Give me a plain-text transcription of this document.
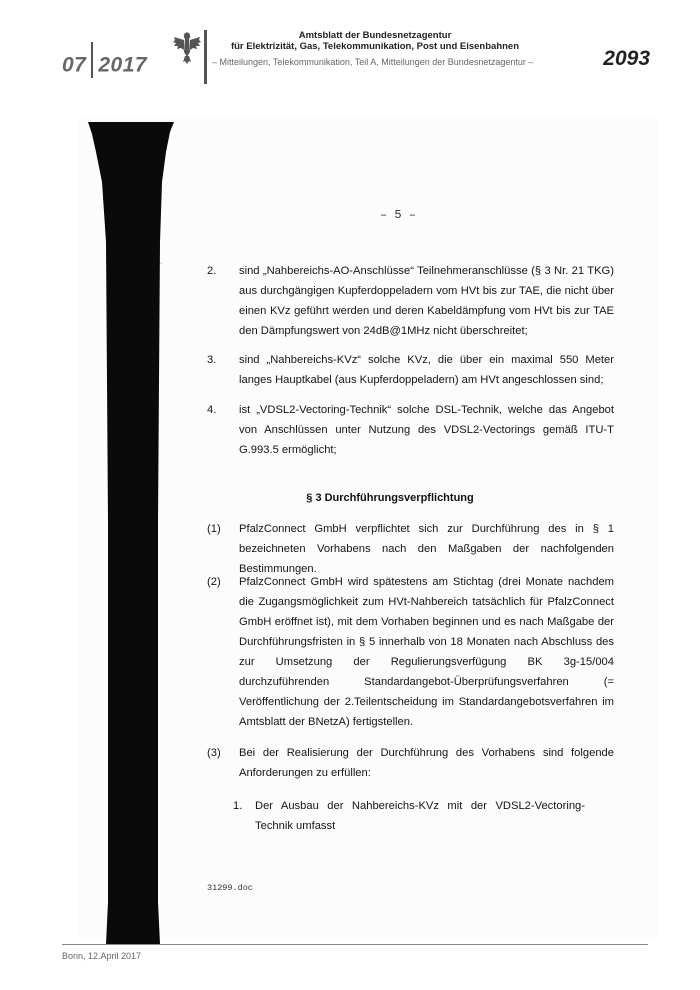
07 2017
Amtsblatt der Bundesnetzagentur
für Elektrizität, Gas, Telekommunikation, Post und Eisenbahnen
– Mitteilungen, Telekommunikation, Teil A, Mitteilungen der Bundesnetzagentur –	2093
– 5 –
˙	2. sind „Nahbereichs-AO-Anschlüsse“ Teilnehmeranschlüsse (§ 3 Nr. 21 TKG) aus durchgängigen Kupferdoppeladern vom HVt bis zur TAE, die nicht über einen KVz geführt werden und deren Kabeldämpfung vom HVt bis zur TAE den Dämpfungswert von 24dB@1MHz nicht überschreitet;
3. sind „Nahbereichs-KVz“ solche KVz, die über ein maximal 550 Meter langes Hauptkabel (aus Kupferdoppeladern) am HVt angeschlossen sind;
4. ist „VDSL2-Vectoring-Technik“ solche DSL-Technik, welche das Angebot von Anschlüssen unter Nutzung des VDSL2-Vectorings gemäß ITU-T G.993.5 ermöglicht;
§ 3 Durchführungsverpflichtung
(1) PfalzConnect GmbH verpflichtet sich zur Durchführung des in § 1 bezeichneten Vorhabens nach den Maßgaben der nachfolgenden Bestimmungen.
(2) PfalzConnect GmbH wird spätestens am Stichtag (drei Monate nachdem die Zugangsmöglichkeit zum HVt-Nahbereich tatsächlich für PfalzConnect GmbH eröffnet ist), mit dem Vorhaben beginnen und es nach Maßgabe der Durchführungsfristen in § 5 innerhalb von 18 Monaten nach Abschluss des zur Umsetzung der Regulierungsverfügung BK 3g-15/004 durchzuführenden Standardangebot-Überprüfungsverfahren (= Veröffentlichung der 2.Teilentscheidung im Standardangebotsverfahren im Amtsblatt der BNetzA) fertigstellen.
(3) Bei der Realisierung der Durchführung des Vorhabens sind folgende Anforderungen zu erfüllen:
1. Der Ausbau der Nahbereichs-KVz mit der VDSL2-Vectoring-Technik umfasst
31299.doc
Bonn, 12.April 2017
